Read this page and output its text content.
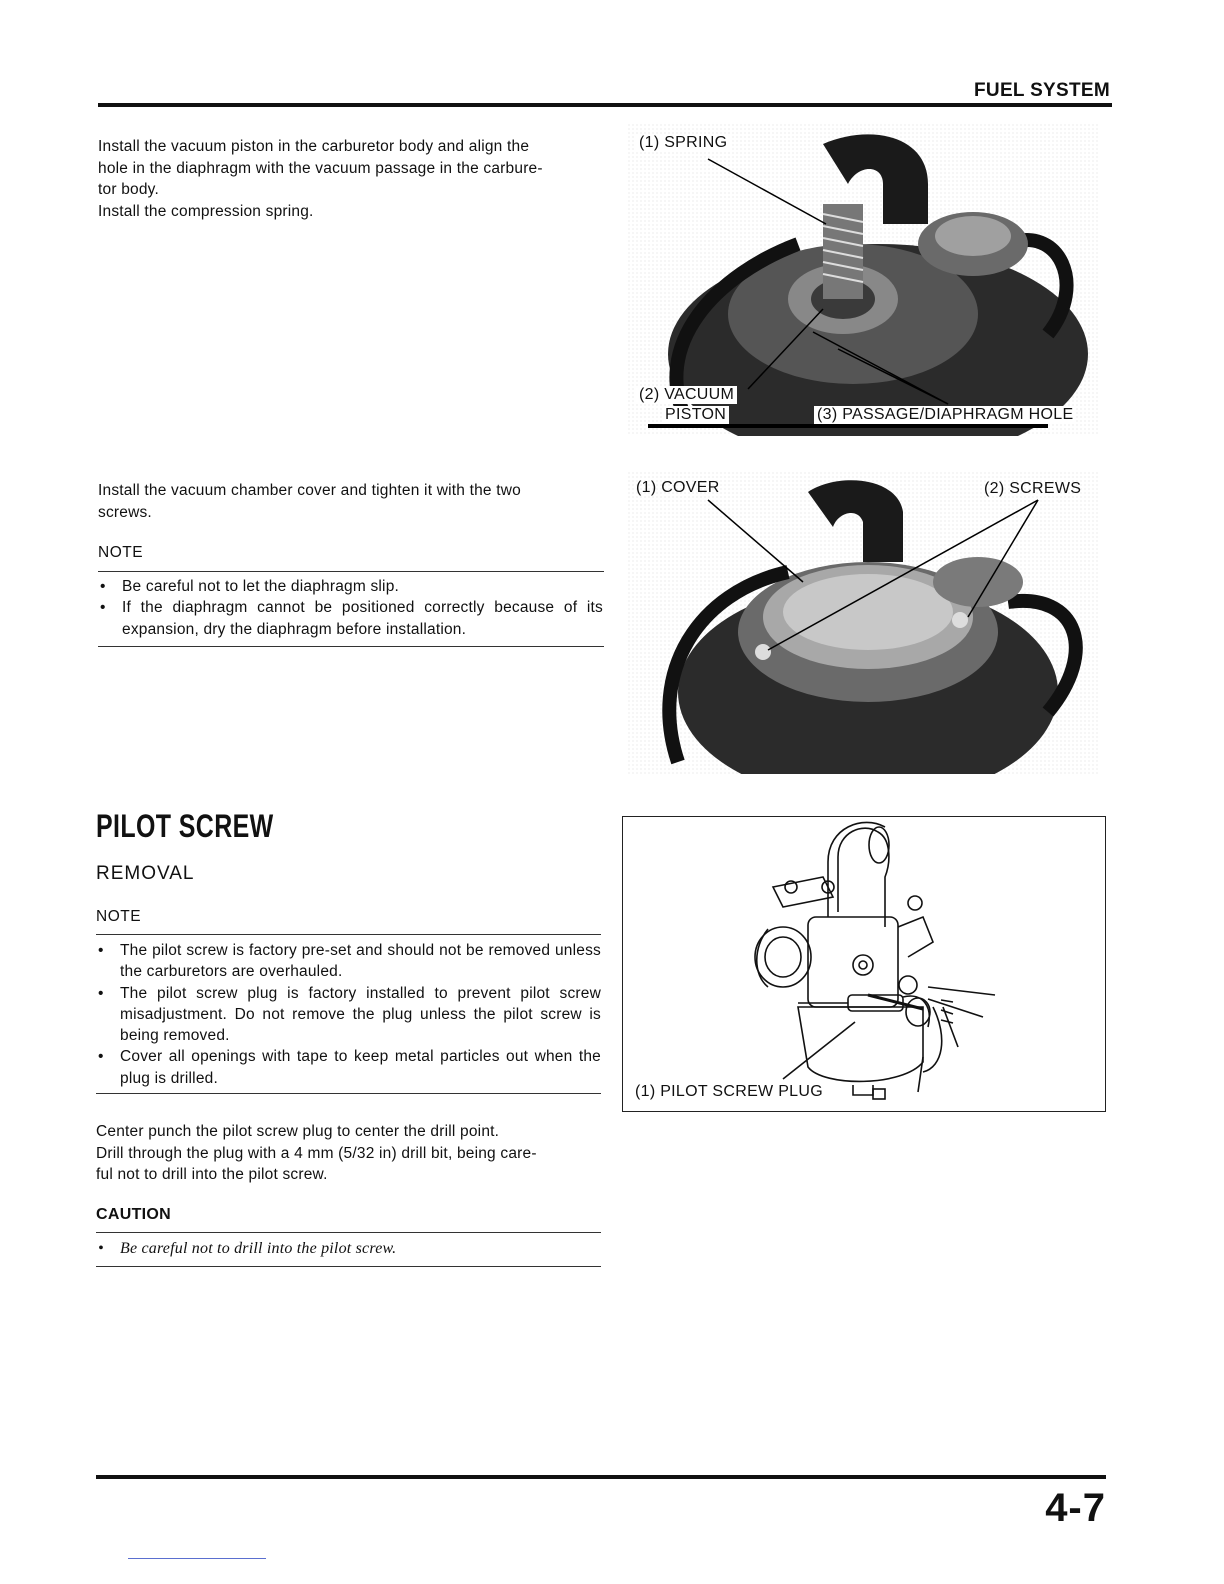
FUEL SYSTEM
Install the vacuum piston in the carburetor body and align the
hole in the diaphragm with the vacuum passage in the carbure-
tor body.
Install the compression spring.
(1) SPRING
(2) VACUUM
PISTON	(3) PASSAGE/DIAPHRAGM HOLE
Install the vacuum chamber cover and tighten it with the two
screws.
NOTE
• Be careful not to let the diaphragm slip.
• If the diaphragm cannot be positioned correctly because of its expansion, dry the diaphragm before installation.
(1) COVER	(2) SCREWS
PILOT SCREW
REMOVAL
NOTE
• The pilot screw is factory pre-set and should not be removed unless the carburetors are overhauled.
• The pilot screw plug is factory installed to prevent pilot screw misadjustment. Do not remove the plug unless the pilot screw is being removed.
• Cover all openings with tape to keep metal particles out when the plug is drilled.
Center punch the pilot screw plug to center the drill point.
Drill through the plug with a 4 mm (5/32 in) drill bit, being care-
ful not to drill into the pilot screw.
CAUTION
• Be careful not to drill into the pilot screw.
(1) PILOT SCREW PLUG
4-7
